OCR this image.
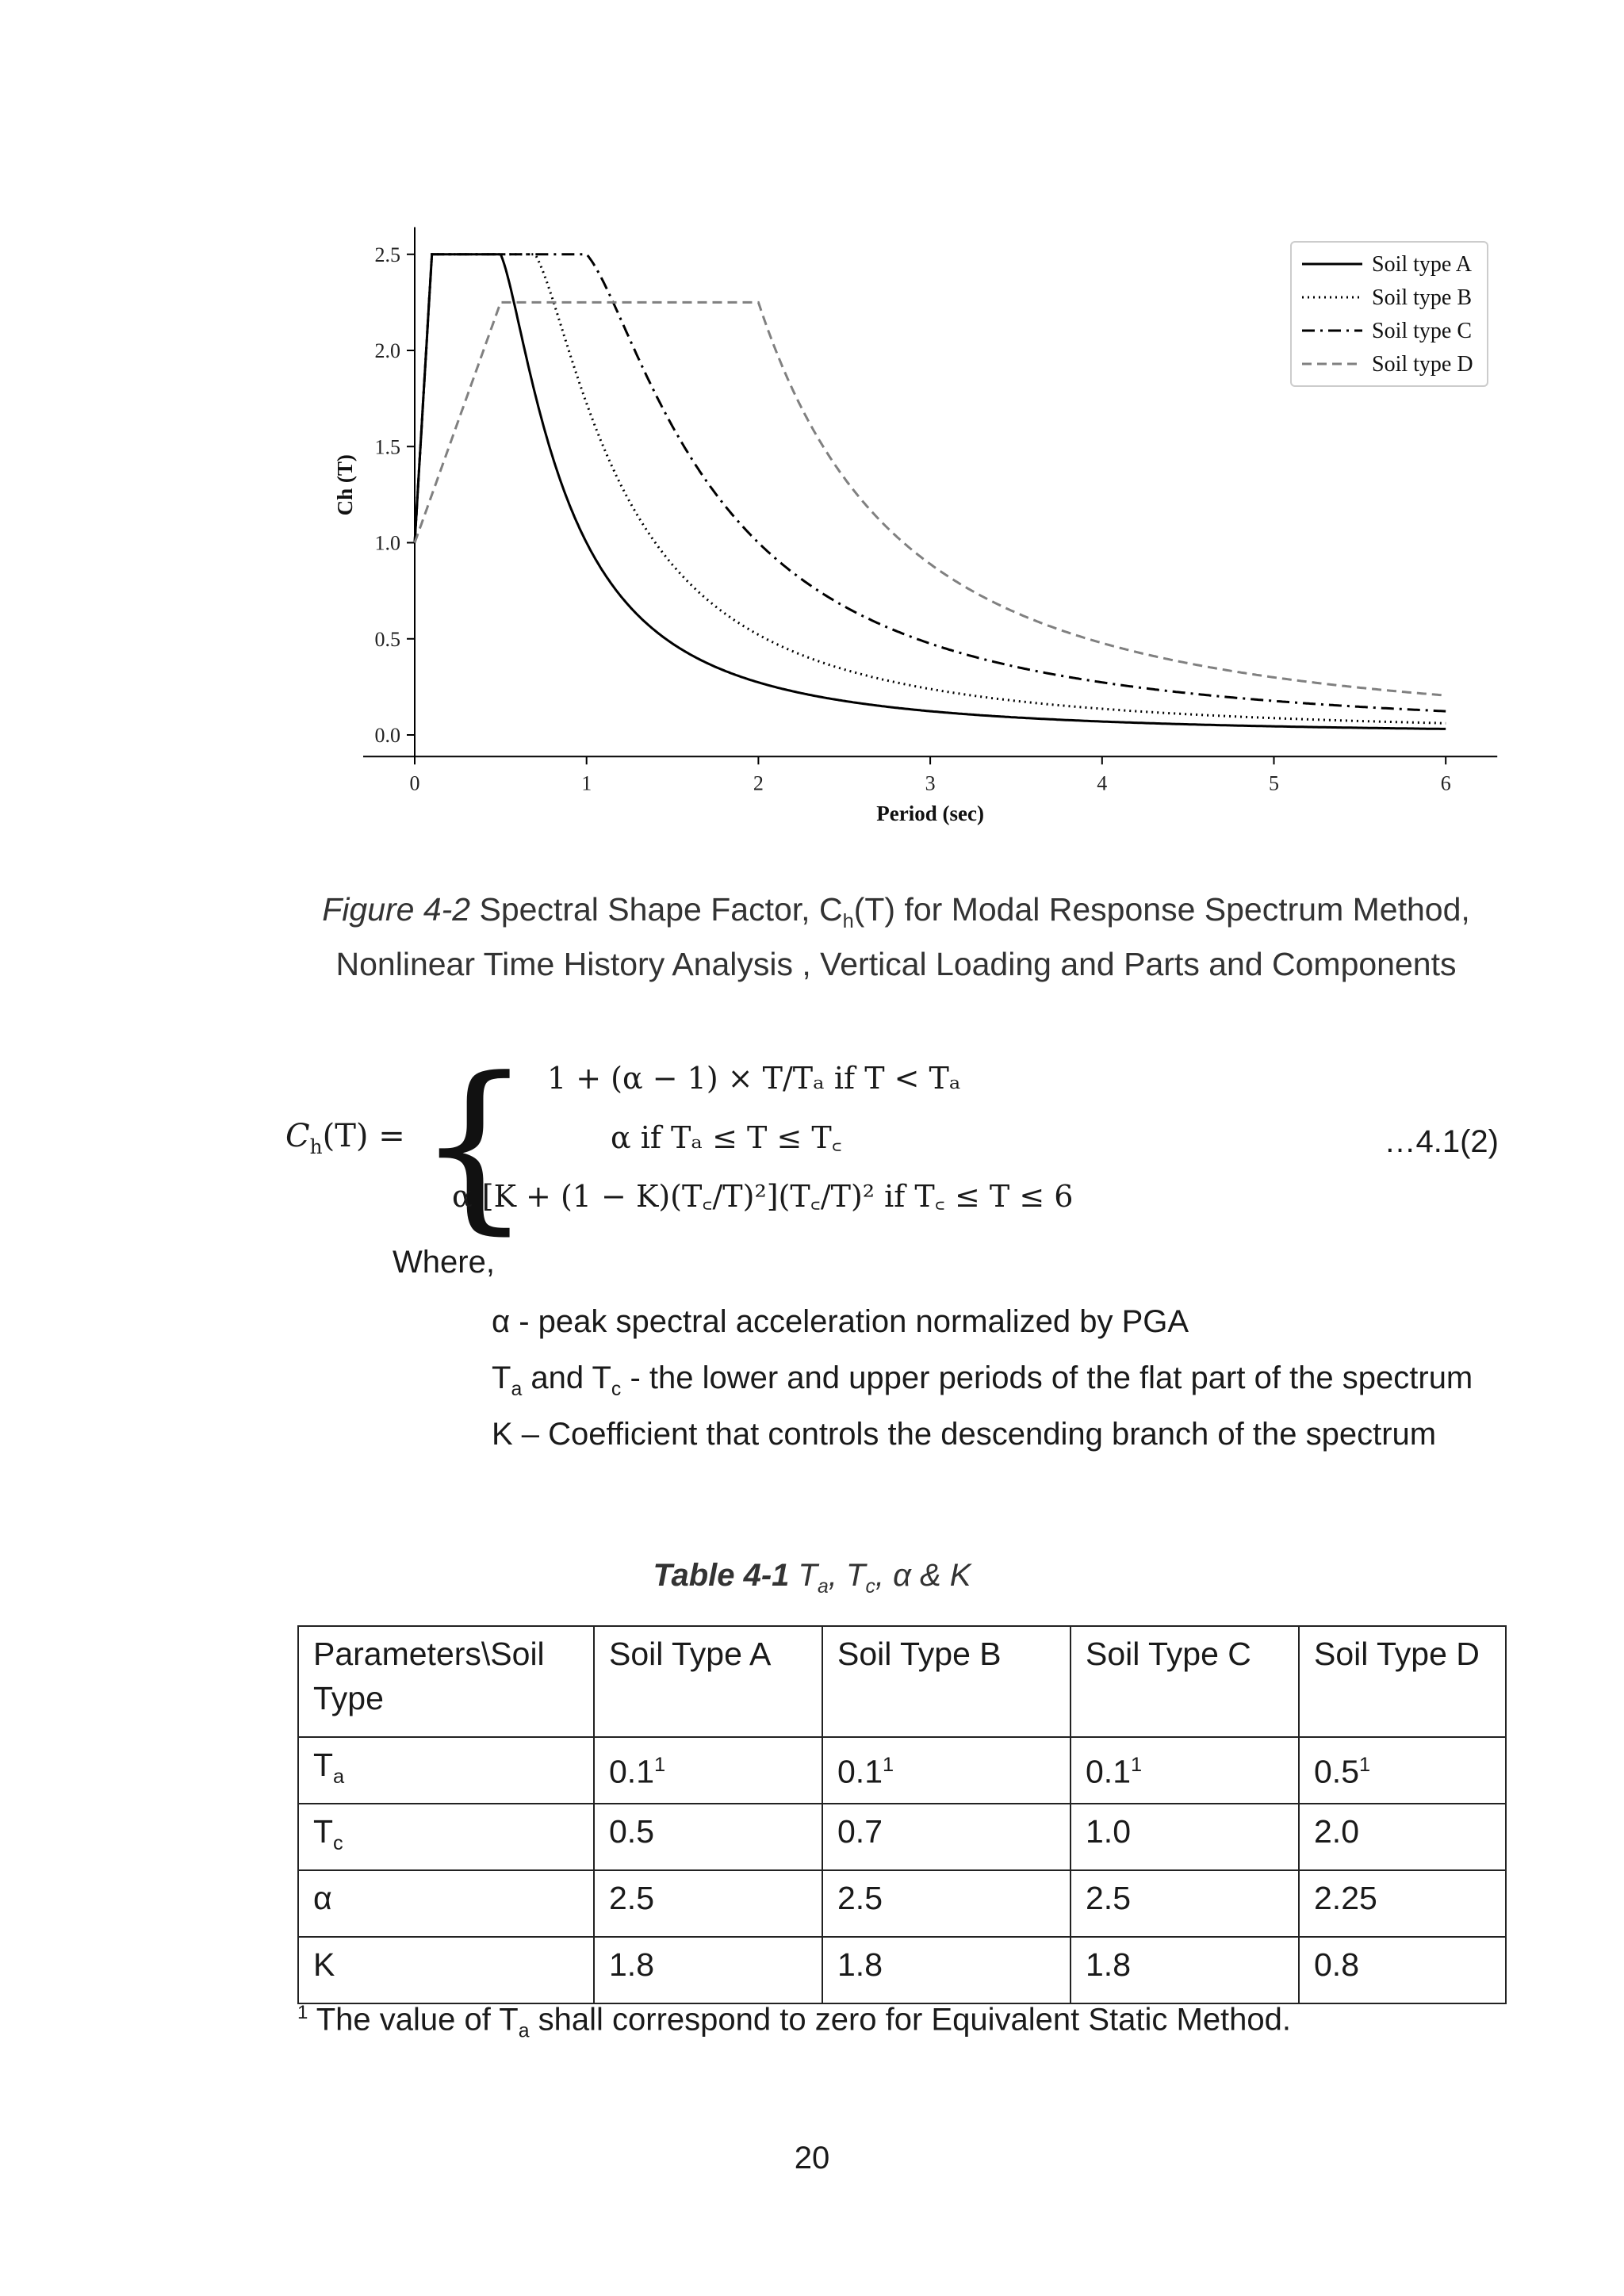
0	1	2	3	4	5	6
0.0
0.5
1.0
1.5
2.0
2.5
Period (sec)
Ch (T)
Soil type A
Soil type B
Soil type C
Soil type D
Figure 4-2 Spectral Shape Factor, $C_h(T)$ for Modal Response Spectrum Method,
Nonlinear Time History Analysis , Vertical Loading and Parts and Components
$C_h(T)$ = { 1 + (α − 1) × T/Tₐ if T < Tₐ
α if Tₐ ≤ T ≤ T꜀
α [K + (1 − K)(T꜀/T)²](T꜀/T)² if T꜀ ≤ T ≤ 6
…4.1(2)
Where,
α - peak spectral acceleration normalized by PGA
$T_a$ and $T_c$ - the lower and upper periods of the flat part of the spectrum
K – Coefficient that controls the descending branch of the spectrum
Table 4-1 $T_a$, $T_c$, α & K
Parameters\Soil Type	Soil Type A	Soil Type B	Soil Type C	Soil Type D
$T_a$	$0.1^1$	$0.1^1$	$0.1^1$	$0.5^1$
$T_c$	0.5	0.7	1.0	2.0
α	2.5	2.5	2.5	2.25
K	1.8	1.8	1.8	0.8
$^1$ The value of $T_a$ shall correspond to zero for Equivalent Static Method.
20
